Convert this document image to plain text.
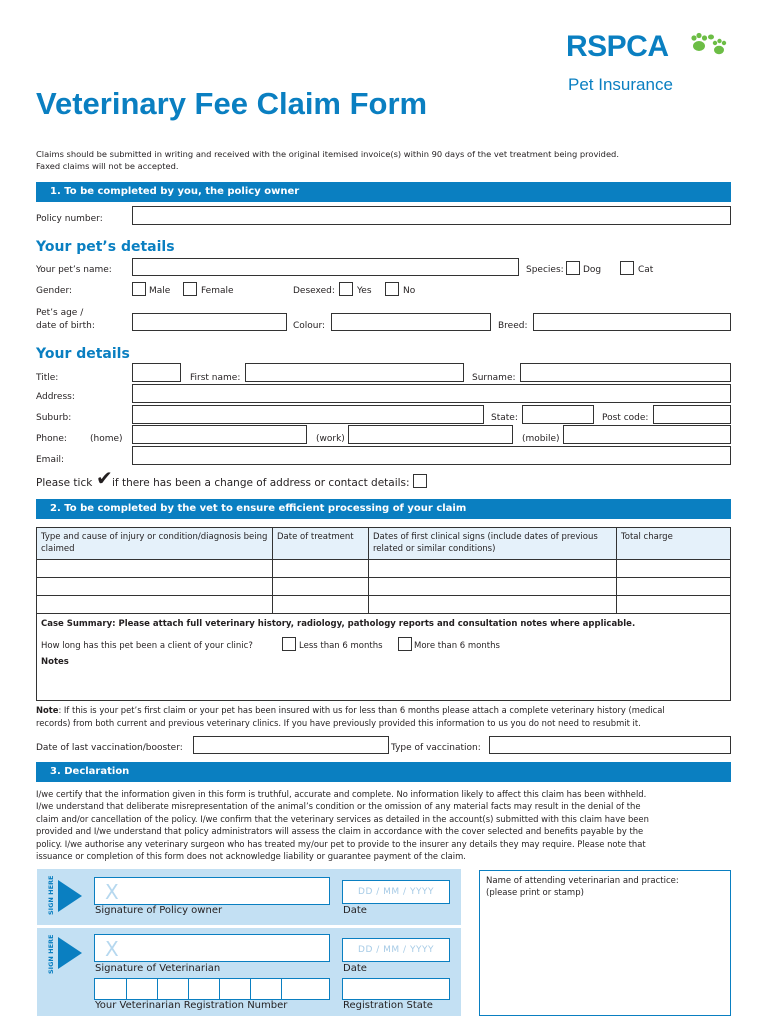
Veterinary Fee Claim Form
RSPCA
Pet Insurance
Claims should be submitted in writing and received with the original itemised invoice(s) within 90 days of the vet treatment being provided.
Faxed claims will not be accepted.
1. To be completed by you, the policy owner
Policy number:
Your pet’s details
Your pet’s name:	Species: Dog	Cat
Gender:	Male	Female	Desexed: Yes	No
Pet’s age /
date of birth:	Colour:	Breed:
Your details
Title:	First name:	Surname:
Address:
Suburb:	State:	Post code:
Phone:	(home)	(work)	(mobile)
Email:
Please tick ✔ if there has been a change of address or contact details:
2. To be completed by the vet to ensure efficient processing of your claim
Type and cause of injury or condition/diagnosis being claimed	Date of treatment	Dates of first clinical signs (include dates of previous related or similar conditions)	Total charge

Case Summary: Please attach full veterinary history, radiology, pathology reports and consultation notes where applicable.
How long has this pet been a client of your clinic?	Less than 6 months	More than 6 months
Notes
Note: If this is your pet’s first claim or your pet has been insured with us for less than 6 months please attach a complete veterinary history (medical
records) from both current and previous veterinary clinics. If you have previously provided this information to us you do not need to resubmit it.
Date of last vaccination/booster:	Type of vaccination:
3. Declaration
I/we certify that the information given in this form is truthful, accurate and complete. No information likely to affect this claim has been withheld.
I/we understand that deliberate misrepresentation of the animal’s condition or the omission of any material facts may result in the denial of the
claim and/or cancellation of the policy. I/we confirm that the veterinary services as detailed in the account(s) submitted with this claim have been
provided and I/we understand that policy administrators will assess the claim in accordance with the cover selected and benefits payable by the
policy. I/we authorise any veterinary surgeon who has treated my/our pet to provide to the insurer any details they may require. Please note that
issuance or completion of this form does not acknowledge liability or guarantee payment of the claim.
SIGN HERE	X
Signature of Policy owner
DD / MM / YYYY
Date
SIGN HERE	X
Signature of Veterinarian
DD / MM / YYYY
Date
Your Veterinarian Registration Number	Registration State
Name of attending veterinarian and practice:
(please print or stamp)
